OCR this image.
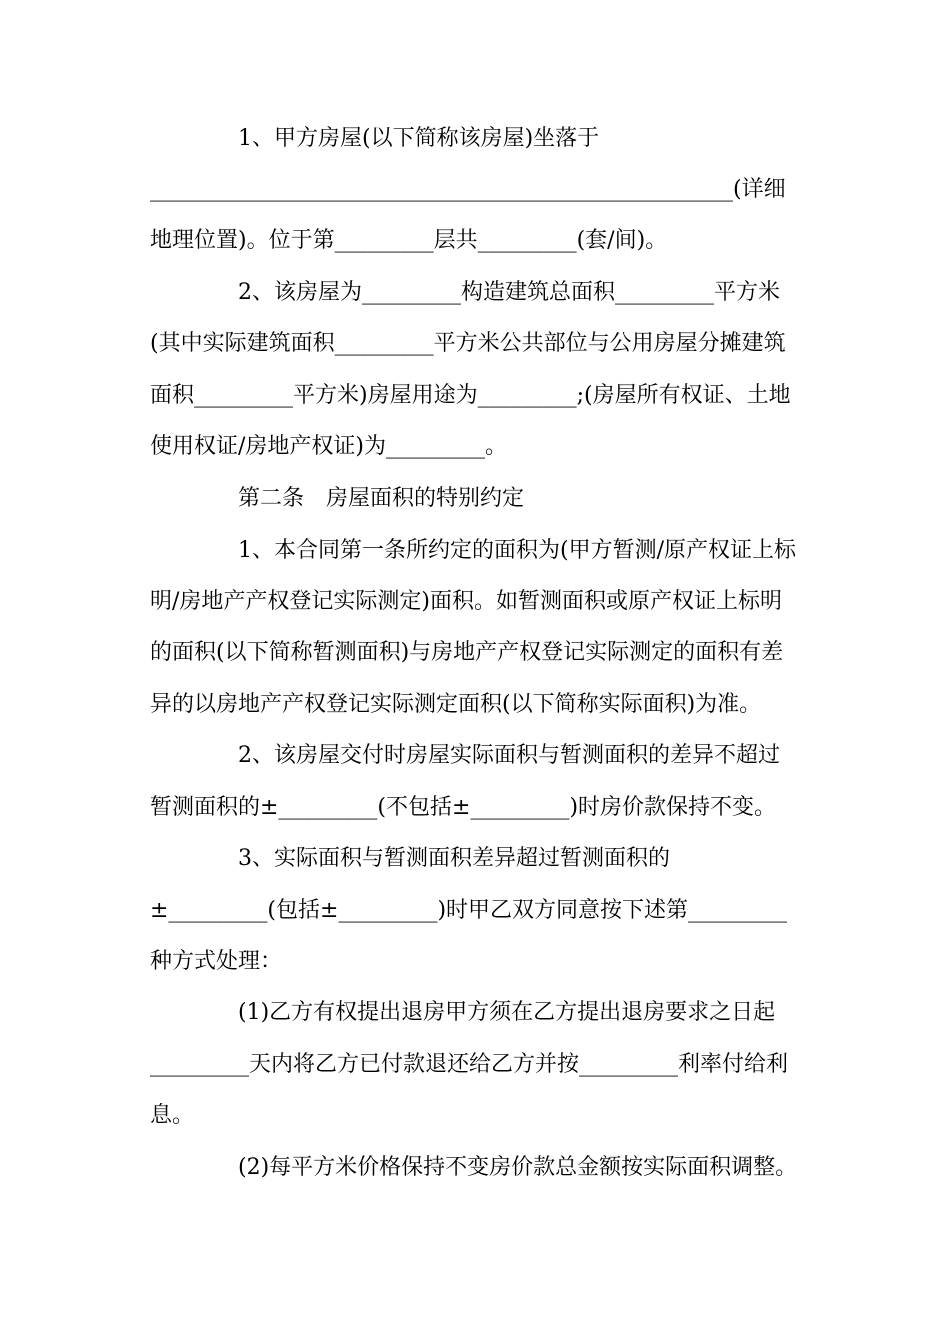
1、甲方房屋(以下简称该房屋)坐落于
_____________________________________________________(详细
地理位置)。位于第_________层共_________(套/间)。
2、该房屋为_________构造建筑总面积_________平方米
(其中实际建筑面积_________平方米公共部位与公用房屋分摊建筑
面积_________平方米)房屋用途为_________;(房屋所有权证、土地
使用权证/房地产权证)为_________。
第二条　房屋面积的特别约定
1、本合同第一条所约定的面积为(甲方暂测/原产权证上标
明/房地产产权登记实际测定)面积。如暂测面积或原产权证上标明
的面积(以下简称暂测面积)与房地产产权登记实际测定的面积有差
异的以房地产产权登记实际测定面积(以下简称实际面积)为准。
2、该房屋交付时房屋实际面积与暂测面积的差异不超过
暂测面积的±_________(不包括±_________)时房价款保持不变。
3、实际面积与暂测面积差异超过暂测面积的
±_________(包括±_________)时甲乙双方同意按下述第_________
种方式处理：
(1)乙方有权提出退房甲方须在乙方提出退房要求之日起
_________天内将乙方已付款退还给乙方并按_________利率付给利
息。
(2)每平方米价格保持不变房价款总金额按实际面积调整。
